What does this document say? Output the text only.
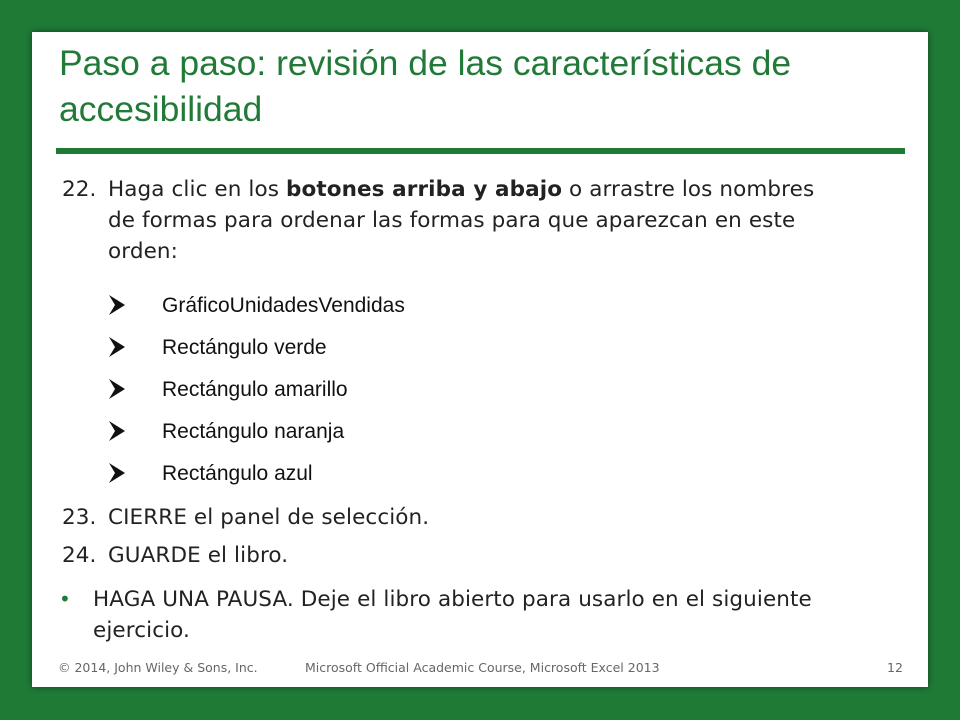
Paso a paso: revisión de las características de accesibilidad
22. Haga clic en los botones arriba y abajo o arrastre los nombres de formas para ordenar las formas para que aparezcan en este orden:
GráficoUnidadesVendidas
Rectángulo verde
Rectángulo amarillo
Rectángulo naranja
Rectángulo azul
23. CIERRE el panel de selección.
24. GUARDE el libro.
•	HAGA UNA PAUSA. Deje el libro abierto para usarlo en el siguiente ejercicio.
© 2014, John Wiley & Sons, Inc.	Microsoft Official Academic Course, Microsoft Excel 2013	12
